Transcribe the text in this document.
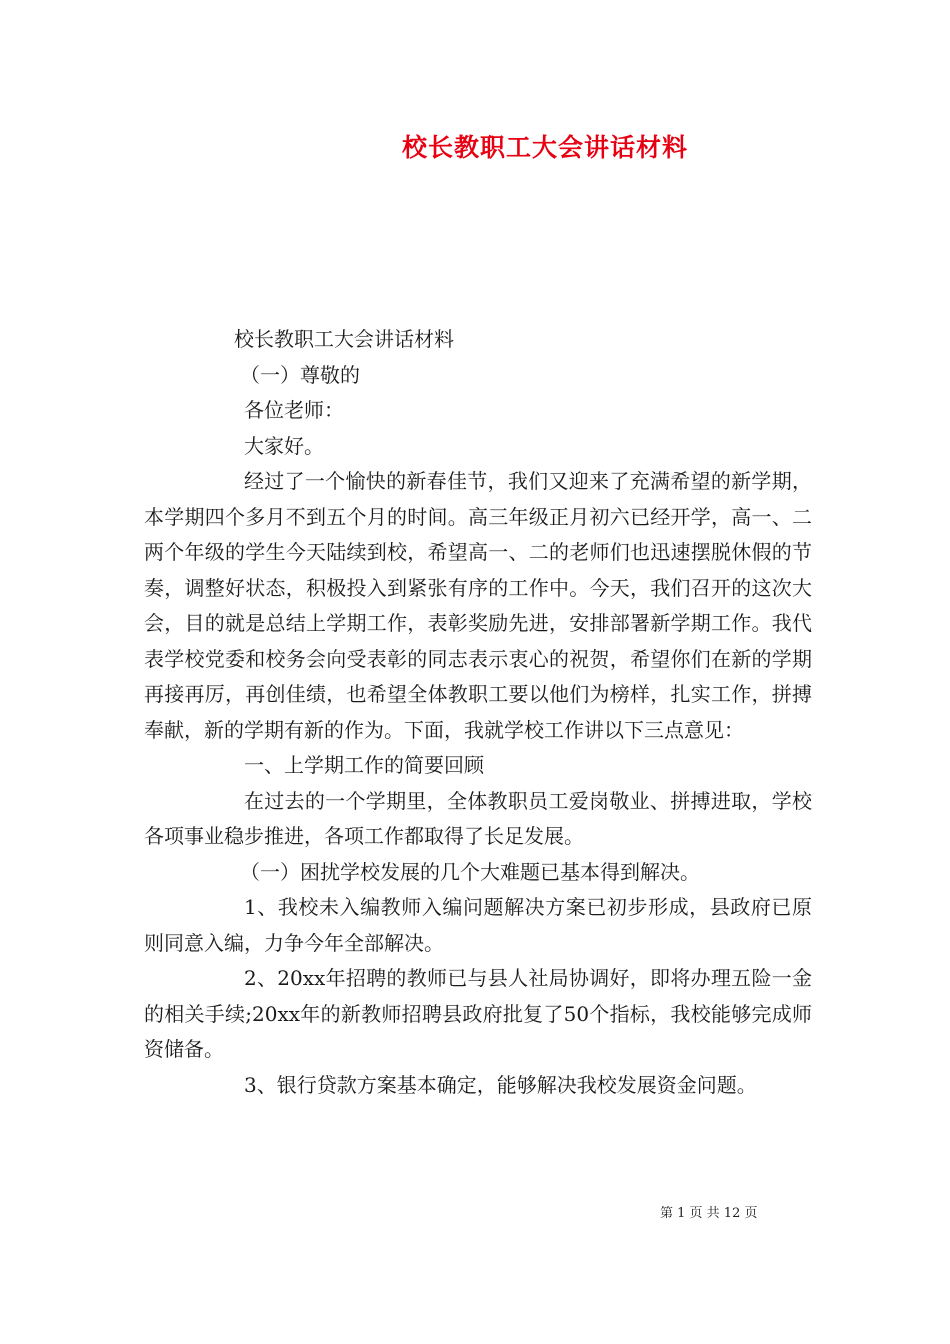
校长教职工大会讲话材料

校长教职工大会讲话材料

（一）尊敬的

各位老师：

大家好。

经过了一个愉快的新春佳节，我们又迎来了充满希望的新学期，本学期四个多月不到五个月的时间。高三年级正月初六已经开学，高一、二两个年级的学生今天陆续到校，希望高一、二的老师们也迅速摆脱休假的节奏，调整好状态，积极投入到紧张有序的工作中。今天，我们召开的这次大会，目的就是总结上学期工作，表彰奖励先进，安排部署新学期工作。我代表学校党委和校务会向受表彰的同志表示衷心的祝贺，希望你们在新的学期再接再厉，再创佳绩，也希望全体教职工要以他们为榜样，扎实工作，拼搏奉献，新的学期有新的作为。下面，我就学校工作讲以下三点意见：

一、上学期工作的简要回顾

在过去的一个学期里，全体教职员工爱岗敬业、拼搏进取，学校各项事业稳步推进，各项工作都取得了长足发展。

（一）困扰学校发展的几个大难题已基本得到解决。

1、我校未入编教师入编问题解决方案已初步形成，县政府已原则同意入编，力争今年全部解决。

2、20xx年招聘的教师已与县人社局协调好，即将办理五险一金的相关手续;20xx年的新教师招聘县政府批复了50个指标，我校能够完成师资储备。

3、银行贷款方案基本确定，能够解决我校发展资金问题。

第 1 页 共 12 页
